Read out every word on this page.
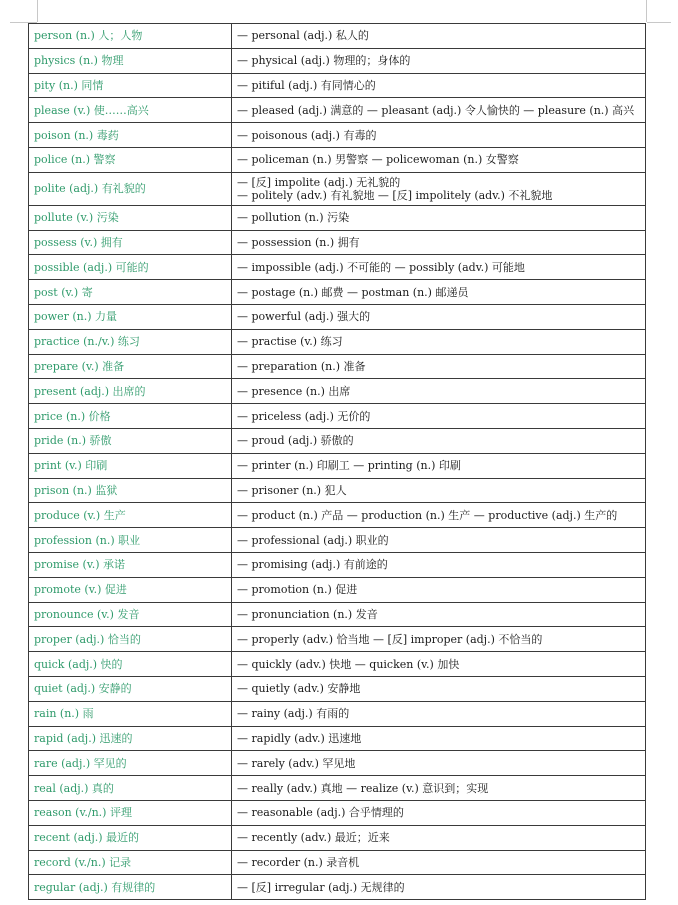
person (n.) 人；人物	— personal (adj.) 私人的

physics (n.) 物理	— physical (adj.) 物理的；身体的

pity (n.) 同情	— pitiful (adj.) 有同情心的

please (v.) 使……高兴	— pleased (adj.) 满意的 — pleasant (adj.) 令人愉快的 — pleasure (n.) 高兴

poison (n.) 毒药	— poisonous (adj.) 有毒的

police (n.) 警察	— policeman (n.) 男警察 — policewoman (n.) 女警察

polite (adj.) 有礼貌的	— [反] impolite (adj.) 无礼貌的
— politely (adv.) 有礼貌地 — [反] impolitely (adv.) 不礼貌地

pollute (v.) 污染	— pollution (n.) 污染

possess (v.) 拥有	— possession (n.) 拥有

possible (adj.) 可能的	— impossible (adj.) 不可能的 — possibly (adv.) 可能地

post (v.) 寄	— postage (n.) 邮费 — postman (n.) 邮递员

power (n.) 力量	— powerful (adj.) 强大的

practice (n./v.) 练习	— practise (v.) 练习

prepare (v.) 准备	— preparation (n.) 准备

present (adj.) 出席的	— presence (n.) 出席

price (n.) 价格	— priceless (adj.) 无价的

pride (n.) 骄傲	— proud (adj.) 骄傲的

print (v.) 印刷	— printer (n.) 印刷工 — printing (n.) 印刷

prison (n.) 监狱	— prisoner (n.) 犯人

produce (v.) 生产	— product (n.) 产品 — production (n.) 生产 — productive (adj.) 生产的

profession (n.) 职业	— professional (adj.) 职业的

promise (v.) 承诺	— promising (adj.) 有前途的

promote (v.) 促进	— promotion (n.) 促进

pronounce (v.) 发音	— pronunciation (n.) 发音

proper (adj.) 恰当的	— properly (adv.) 恰当地 — [反] improper (adj.) 不恰当的

quick (adj.) 快的	— quickly (adv.) 快地 — quicken (v.) 加快

quiet (adj.) 安静的	— quietly (adv.) 安静地

rain (n.) 雨	— rainy (adj.) 有雨的

rapid (adj.) 迅速的	— rapidly (adv.) 迅速地

rare (adj.) 罕见的	— rarely (adv.) 罕见地

real (adj.) 真的	— really (adv.) 真地 — realize (v.) 意识到；实现

reason (v./n.) 评理	— reasonable (adj.) 合乎情理的

recent (adj.) 最近的	— recently (adv.) 最近；近来

record (v./n.) 记录	— recorder (n.) 录音机

regular (adj.) 有规律的	— [反] irregular (adj.) 无规律的
